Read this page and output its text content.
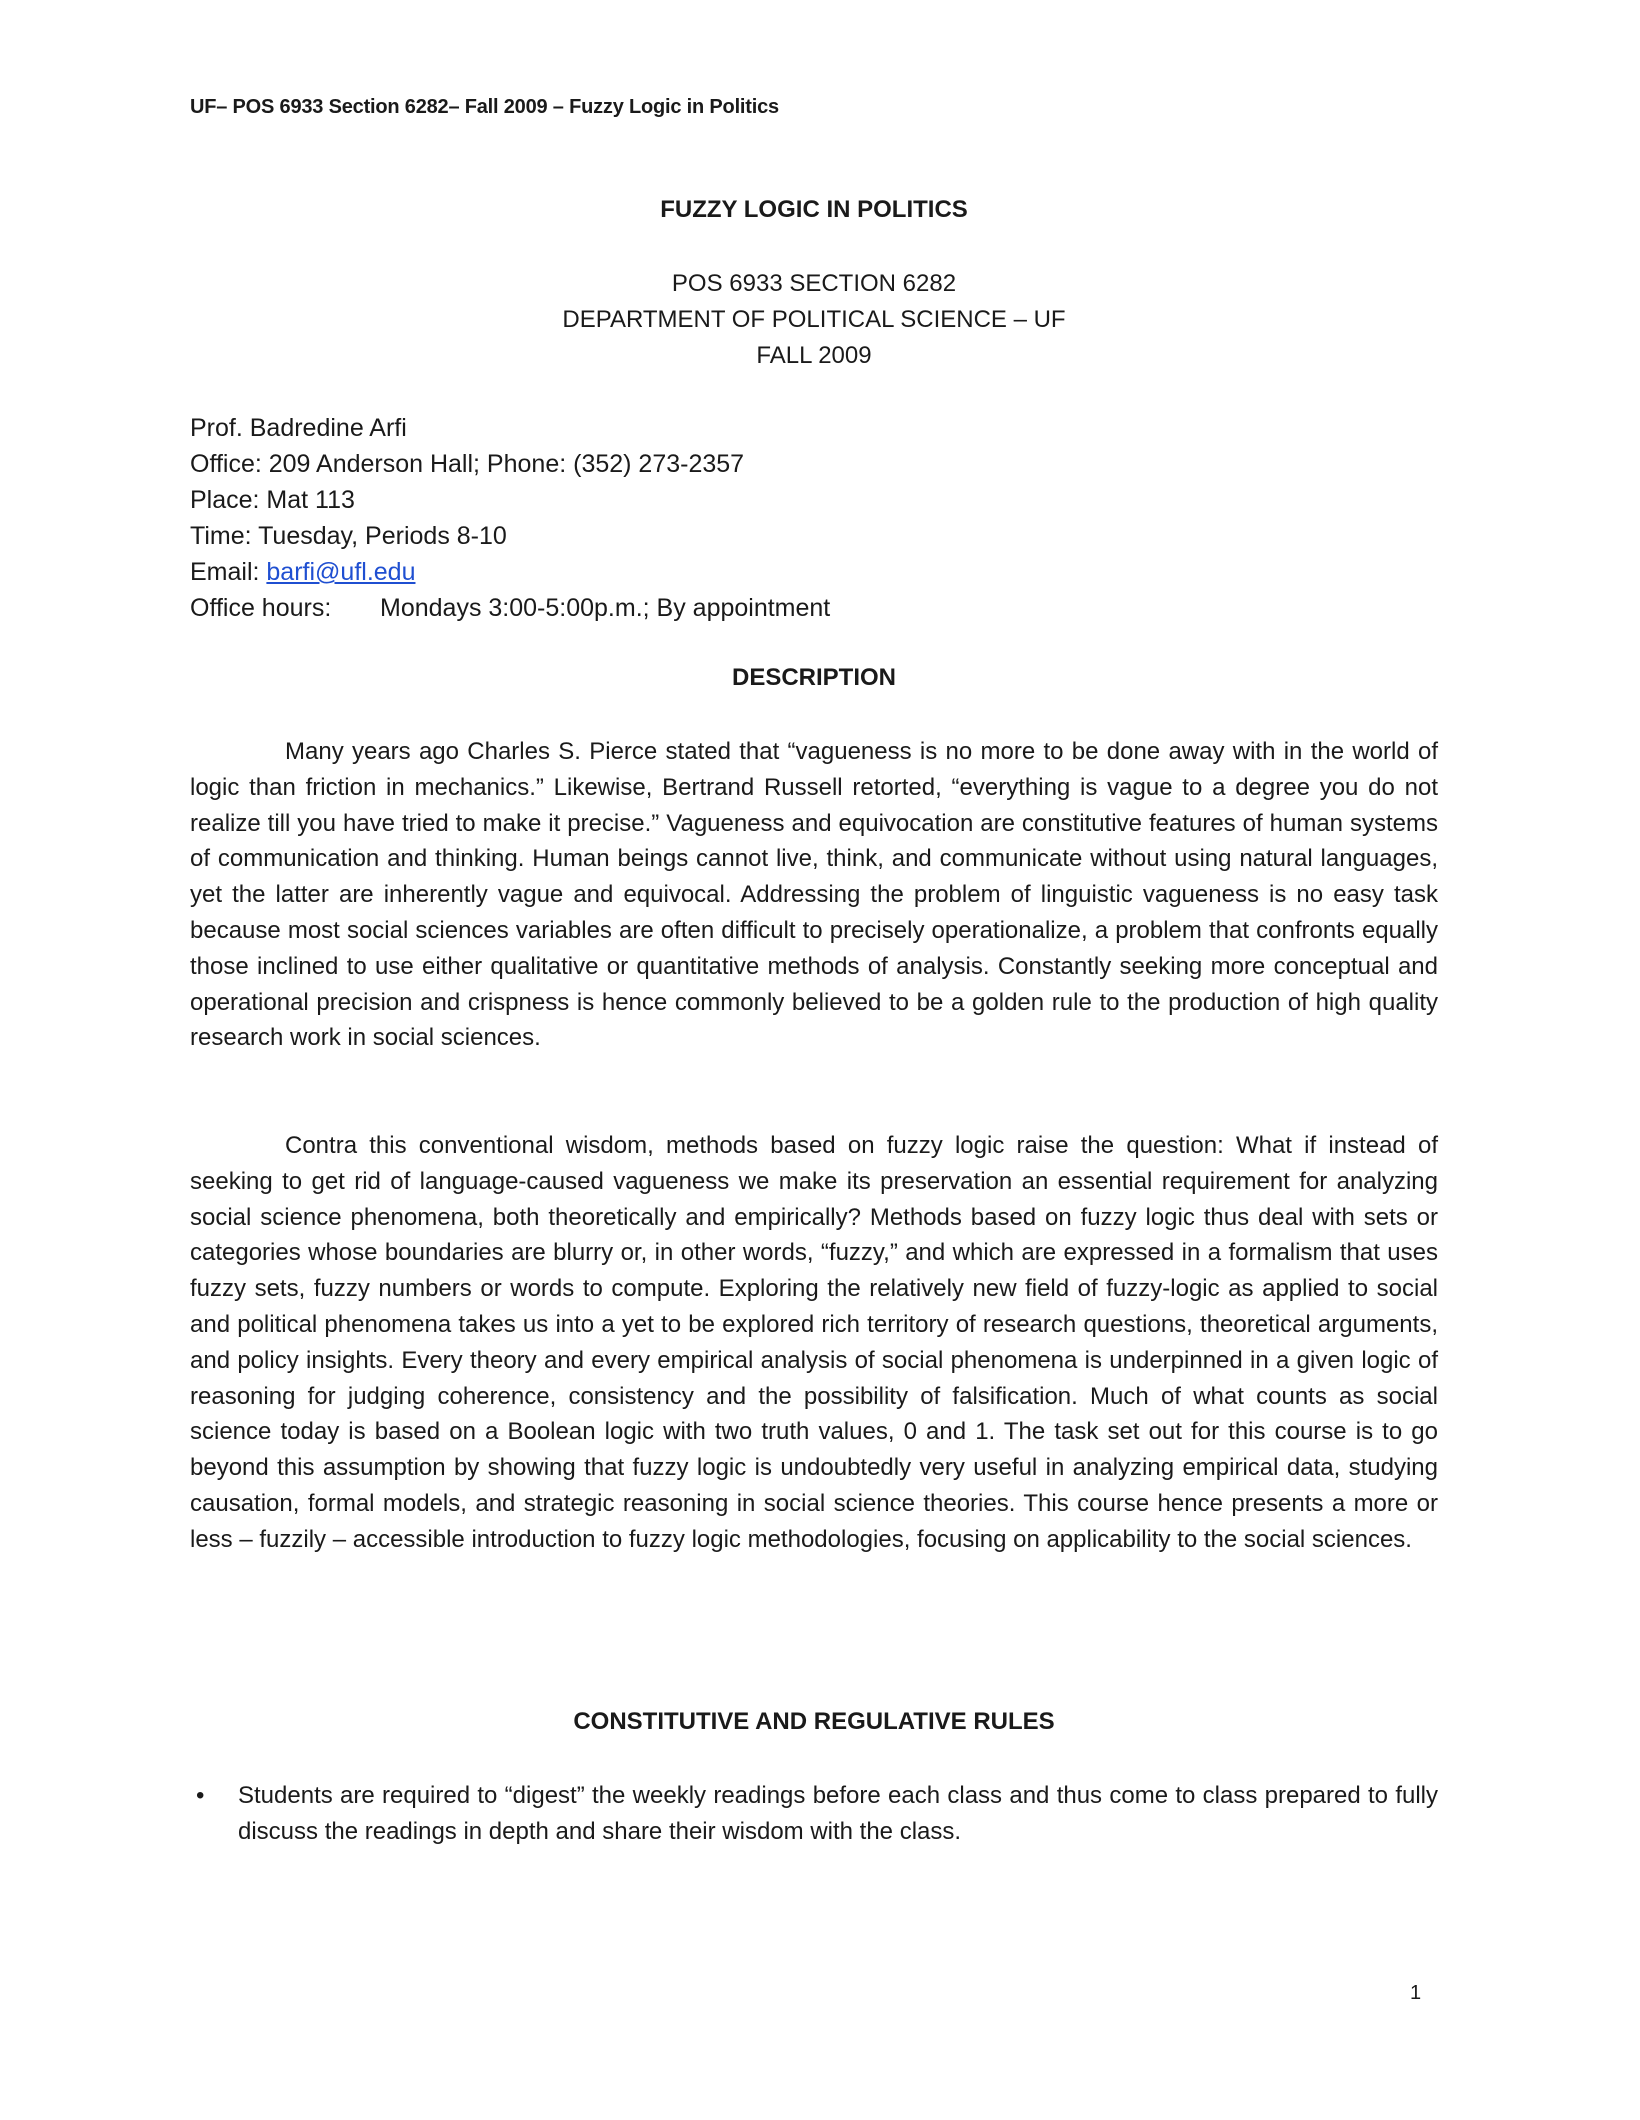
UF– POS 6933 Section 6282– Fall 2009 – Fuzzy Logic in Politics
FUZZY LOGIC IN POLITICS
POS 6933 SECTION 6282
DEPARTMENT OF POLITICAL SCIENCE – UF
FALL 2009
Prof. Badredine Arfi
Office: 209 Anderson Hall; Phone: (352) 273-2357
Place: Mat 113
Time: Tuesday, Periods 8-10
Email: barfi@ufl.edu
Office hours: Mondays 3:00-5:00p.m.; By appointment
DESCRIPTION

Many years ago Charles S. Pierce stated that “vagueness is no more to be done away with in the world of logic than friction in mechanics.” Likewise, Bertrand Russell retorted, “everything is vague to a degree you do not realize till you have tried to make it precise.” Vagueness and equivocation are constitutive features of human systems of communication and thinking. Human beings cannot live, think, and communicate without using natural languages, yet the latter are inherently vague and equivocal. Addressing the problem of linguistic vagueness is no easy task because most social sciences variables are often difficult to precisely operationalize, a problem that confronts equally those inclined to use either qualitative or quantitative methods of analysis. Constantly seeking more conceptual and operational precision and crispness is hence commonly believed to be a golden rule to the production of high quality research work in social sciences.

Contra this conventional wisdom, methods based on fuzzy logic raise the question: What if instead of seeking to get rid of language-caused vagueness we make its preservation an essential requirement for analyzing social science phenomena, both theoretically and empirically? Methods based on fuzzy logic thus deal with sets or categories whose boundaries are blurry or, in other words, “fuzzy,” and which are expressed in a formalism that uses fuzzy sets, fuzzy numbers or words to compute. Exploring the relatively new field of fuzzy-logic as applied to social and political phenomena takes us into a yet to be explored rich territory of research questions, theoretical arguments, and policy insights. Every theory and every empirical analysis of social phenomena is underpinned in a given logic of reasoning for judging coherence, consistency and the possibility of falsification. Much of what counts as social science today is based on a Boolean logic with two truth values, 0 and 1. The task set out for this course is to go beyond this assumption by showing that fuzzy logic is undoubtedly very useful in analyzing empirical data, studying causation, formal models, and strategic reasoning in social science theories. This course hence presents a more or less – fuzzily – accessible introduction to fuzzy logic methodologies, focusing on applicability to the social sciences.

CONSTITUTIVE AND REGULATIVE RULES
• Students are required to “digest” the weekly readings before each class and thus come to class prepared to fully discuss the readings in depth and share their wisdom with the class.
1
